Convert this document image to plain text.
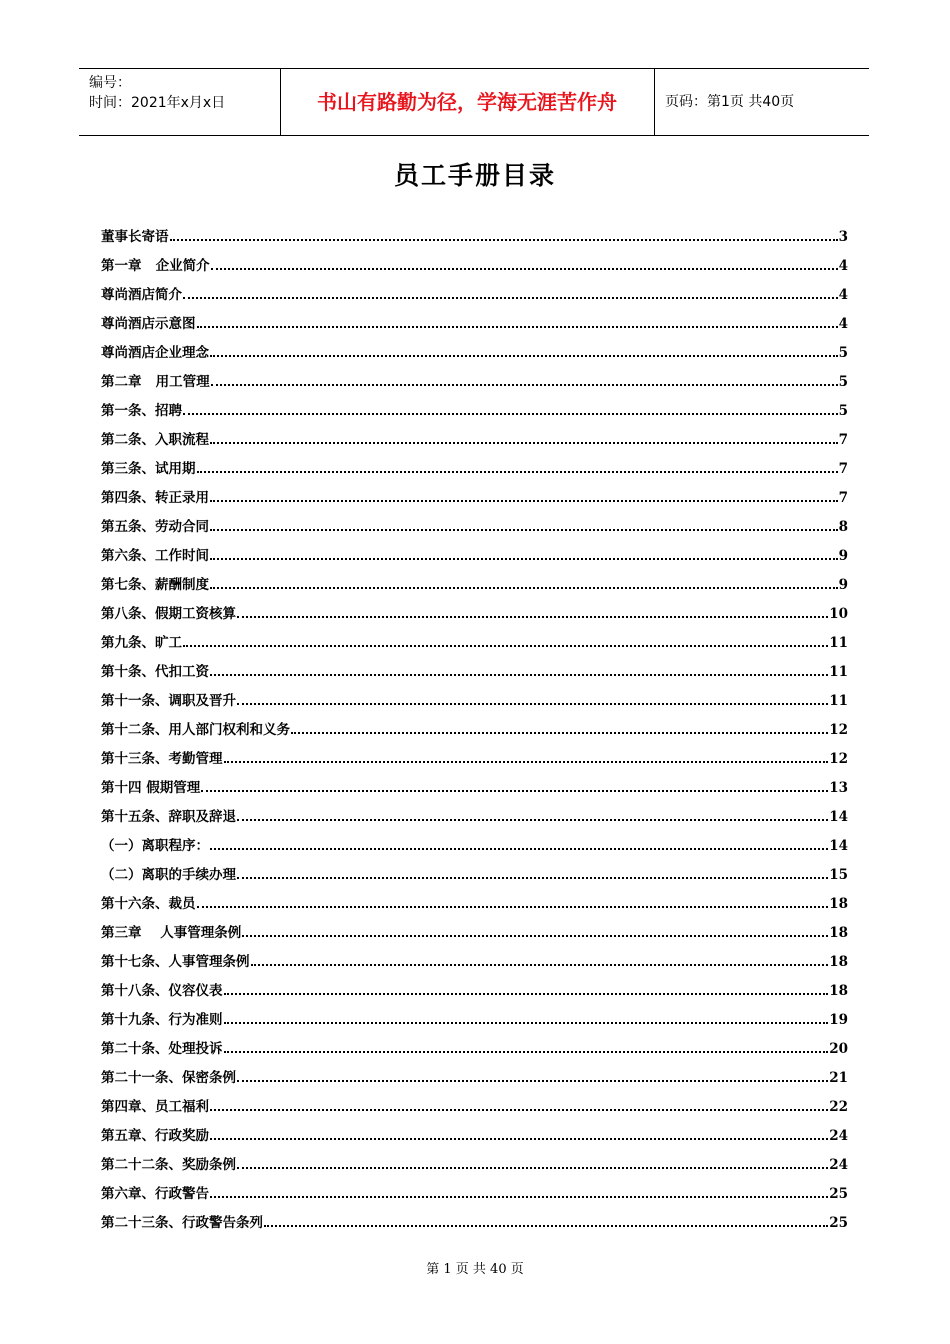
编号：
时间：2021年x月x日	书山有路勤为径，学海无涯苦作舟	页码：第1页 共40页
员工手册目录
董事长寄语	3
第一章   企业简介	4
尊尚酒店简介	4
尊尚酒店示意图	4
尊尚酒店企业理念	5
第二章   用工管理	5
第一条、招聘	5
第二条、入职流程	7
第三条、试用期	7
第四条、转正录用	7
第五条、劳动合同	8
第六条、工作时间	9
第七条、薪酬制度	9
第八条、假期工资核算	10
第九条、旷工	11
第十条、代扣工资	11
第十一条、调职及晋升	11
第十二条、用人部门权利和义务	12
第十三条、考勤管理	12
第十四 假期管理	13
第十五条、辞职及辞退	14
（一）离职程序：	14
（二）离职的手续办理	15
第十六条、裁员	18
第三章    人事管理条例	18
第十七条、人事管理条例	18
第十八条、仪容仪表	18
第十九条、行为准则	19
第二十条、处理投诉	20
第二十一条、保密条例	21
第四章、员工福利	22
第五章、行政奖励	24
第二十二条、奖励条例	24
第六章、行政警告	25
第二十三条、行政警告条列	25
第 1 页 共 40 页
